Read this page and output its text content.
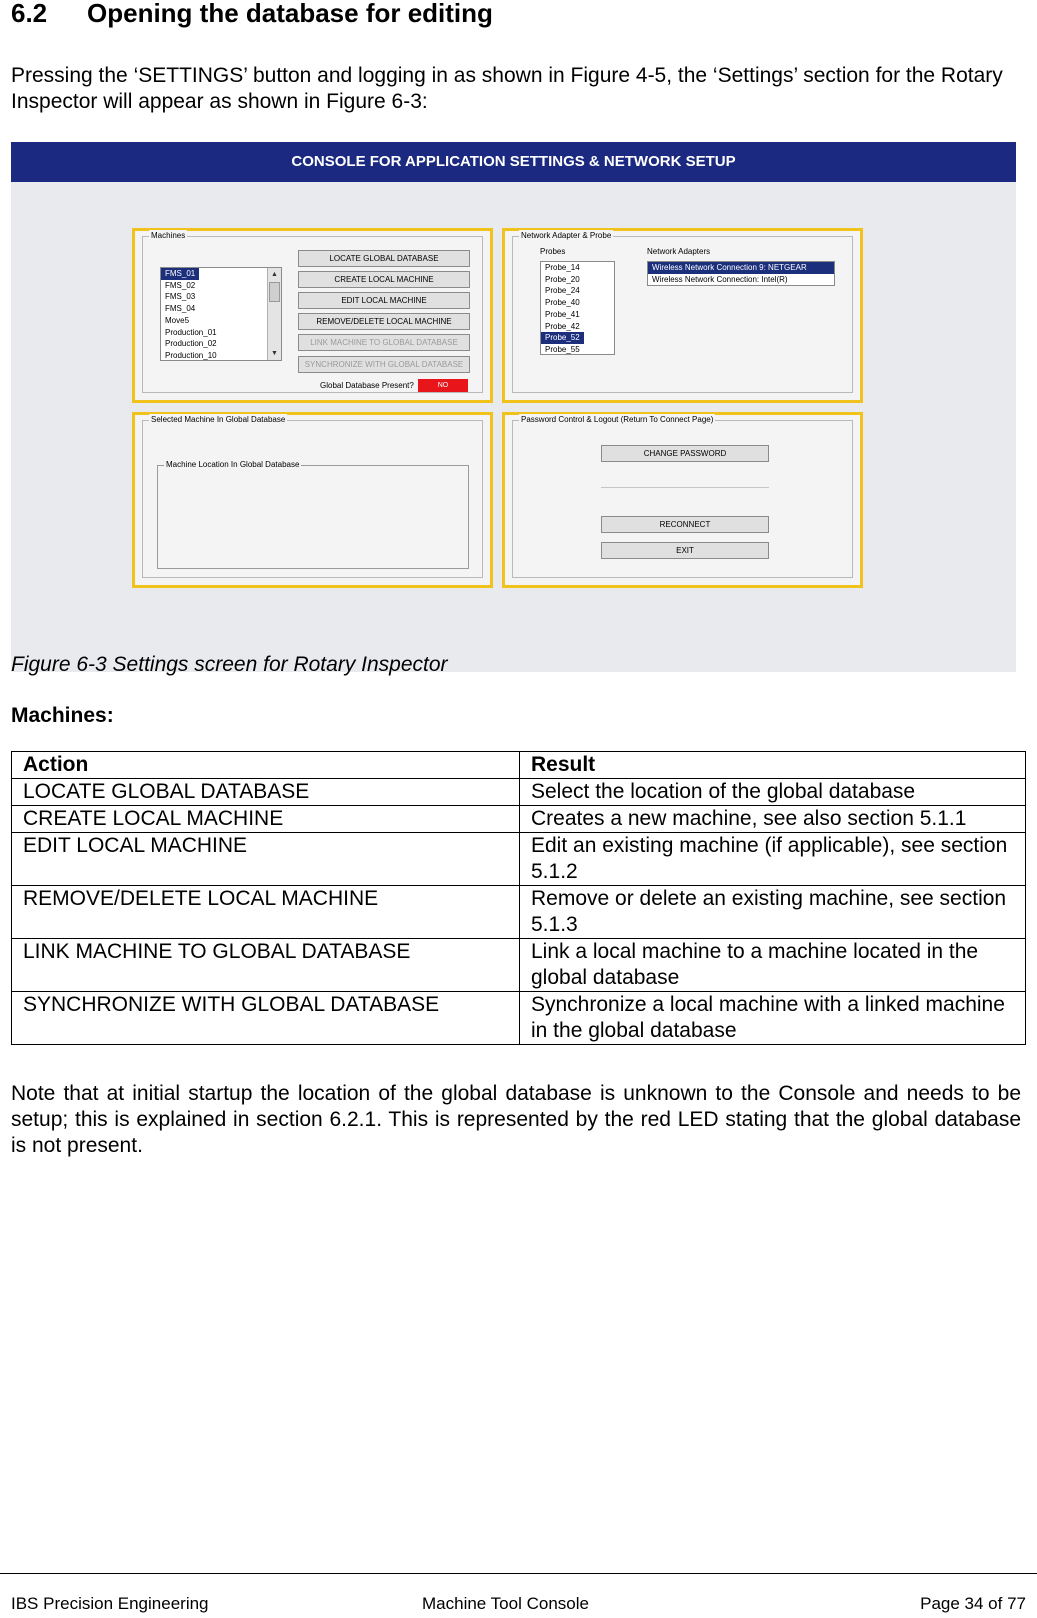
6.2 Opening the database for editing
Pressing the ‘SETTINGS’ button and logging in as shown in Figure 4-5, the ‘Settings’ section for the Rotary Inspector will appear as shown in Figure 6-3:
CONSOLE FOR APPLICATION SETTINGS & NETWORK SETUP
Machines
FMS_01
FMS_02
FMS_03
FMS_04
Move5
Production_01
Production_02
Production_10
▲
▼
LOCATE GLOBAL DATABASE
CREATE LOCAL MACHINE
EDIT LOCAL MACHINE
REMOVE/DELETE LOCAL MACHINE
LINK MACHINE TO GLOBAL DATABASE
SYNCHRONIZE WITH GLOBAL DATABASE
Global Database Present?	NO
Network Adapter & Probe
Probes
Probe_14
Probe_20
Probe_24
Probe_40
Probe_41
Probe_42
Probe_52
Probe_55
Network Adapters
Wireless Network Connection 9: NETGEAR
Wireless Network Connection: Intel(R)
Selected Machine In Global Database
Machine Location In Global Database
Password Control & Logout (Return To Connect Page)
CHANGE PASSWORD
RECONNECT
EXIT
Figure 6-3 Settings screen for Rotary Inspector
Machines:
Action	Result
LOCATE GLOBAL DATABASE	Select the location of the global database
CREATE LOCAL MACHINE	Creates a new machine, see also section 5.1.1
EDIT LOCAL MACHINE	Edit an existing machine (if applicable), see section 5.1.2
REMOVE/DELETE LOCAL MACHINE	Remove or delete an existing machine, see section 5.1.3
LINK MACHINE TO GLOBAL DATABASE	Link a local machine to a machine located in the global database
SYNCHRONIZE WITH GLOBAL DATABASE	Synchronize a local machine with a linked machine in the global database
Note that at initial startup the location of the global database is unknown to the Console and needs to be setup; this is explained in section 6.2.1. This is represented by the red LED stating that the global database is not present.
IBS Precision Engineering	Machine Tool Console	Page 34 of 77
